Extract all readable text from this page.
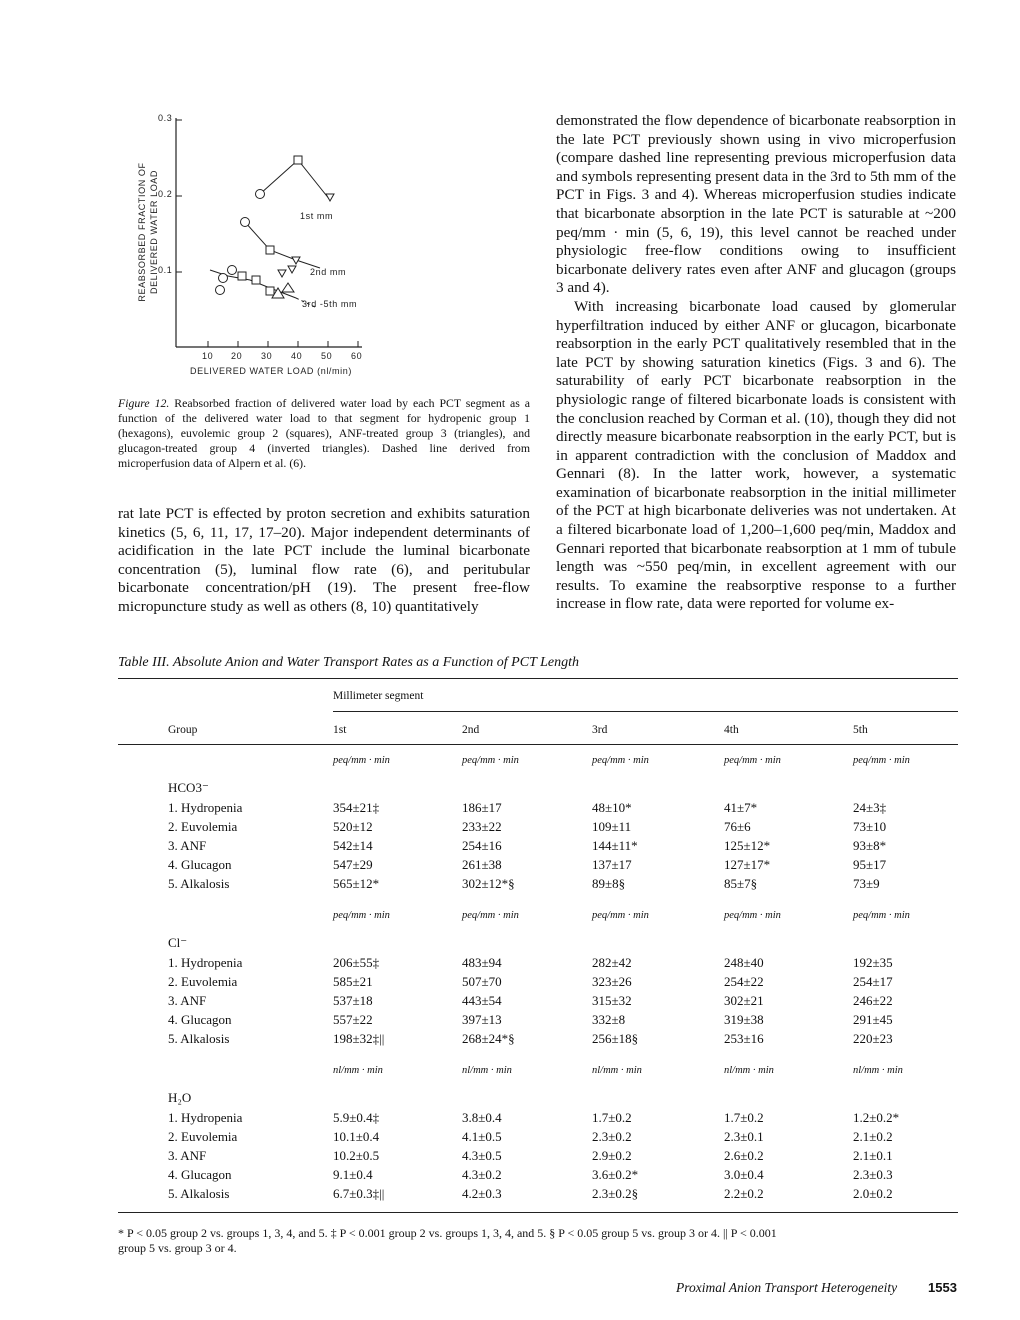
REABSORBED FRACTION OF DELIVERED WATER LOAD
0.3
0.2
0.1
10 20 30 40 50 60
DELIVERED WATER LOAD (nl/min)
1st mm
2nd mm
3rd -5th mm
Figure 12. Reabsorbed fraction of delivered water load by each PCT segment as a function of the delivered water load to that segment for hydropenic group 1 (hexagons), euvolemic group 2 (squares), ANF-treated group 3 (triangles), and glucagon-treated group 4 (inverted triangles). Dashed line derived from microperfusion data of Alpern et al. (6).

rat late PCT is effected by proton secretion and exhibits saturation kinetics (5, 6, 11, 17, 17–20). Major independent determinants of acidification in the late PCT include the luminal bicarbonate concentration (5), luminal flow rate (6), and peritubular bicarbonate concentration/pH (19). The present free-flow micropuncture study as well as others (8, 10) quantitatively

demonstrated the flow dependence of bicarbonate reabsorption in the late PCT previously shown using in vivo microperfusion (compare dashed line representing previous microperfusion data and symbols representing present data in the 3rd to 5th mm of the PCT in Figs. 3 and 4). Whereas microperfusion studies indicate that bicarbonate absorption in the late PCT is saturable at ~200 peq/mm · min (5, 6, 19), this level cannot be reached under physiologic free-flow conditions owing to insufficient bicarbonate delivery rates even after ANF and glucagon (groups 3 and 4).

With increasing bicarbonate load caused by glomerular hyperfiltration induced by either ANF or glucagon, bicarbonate reabsorption in the early PCT qualitatively resembled that in the late PCT by showing saturation kinetics (Figs. 3 and 6). The saturability of early PCT bicarbonate reabsorption in the physiologic range of filtered bicarbonate loads is consistent with the conclusion reached by Corman et al. (10), though they did not directly measure bicarbonate reabsorption in the early PCT, but is in apparent contradiction with the conclusion of Maddox and Gennari (8). In the latter work, however, a systematic examination of bicarbonate reabsorption in the initial millimeter of the PCT at high bicarbonate deliveries was not undertaken. At a filtered bicarbonate load of 1,200–1,600 peq/min, Maddox and Gennari reported that bicarbonate reabsorption at 1 mm of tubule length was ~550 peq/min, in excellent agreement with our results. To examine the reabsorptive response to a further increase in flow rate, data were reported for volume ex-

Table III. Absolute Anion and Water Transport Rates as a Function of PCT Length
Millimeter segment
Group	1st	2nd	3rd	4th	5th
peq/mm · min	peq/mm · min	peq/mm · min	peq/mm · min	peq/mm · min
HCO3⁻
1. Hydropenia	354±21‡	186±17	48±10*	41±7*	24±3‡
2. Euvolemia	520±12	233±22	109±11	76±6	73±10
3. ANF	542±14	254±16	144±11*	125±12*	93±8*
4. Glucagon	547±29	261±38	137±17	127±17*	95±17
5. Alkalosis	565±12*	302±12*§	89±8§	85±7§	73±9
peq/mm · min	peq/mm · min	peq/mm · min	peq/mm · min	peq/mm · min
Cl⁻
1. Hydropenia	206±55‡	483±94	282±42	248±40	192±35
2. Euvolemia	585±21	507±70	323±26	254±22	254±17
3. ANF	537±18	443±54	315±32	302±21	246±22
4. Glucagon	557±22	397±13	332±8	319±38	291±45
5. Alkalosis	198±32‡||	268±24*§	256±18§	253±16	220±23
nl/mm · min	nl/mm · min	nl/mm · min	nl/mm · min	nl/mm · min
H₂O
1. Hydropenia	5.9±0.4‡	3.8±0.4	1.7±0.2	1.7±0.2	1.2±0.2*
2. Euvolemia	10.1±0.4	4.1±0.5	2.3±0.2	2.3±0.1	2.1±0.2
3. ANF	10.2±0.5	4.3±0.5	2.9±0.2	2.6±0.2	2.1±0.1
4. Glucagon	9.1±0.4	4.3±0.2	3.6±0.2*	3.0±0.4	2.3±0.3
5. Alkalosis	6.7±0.3‡||	4.2±0.3	2.3±0.2§	2.2±0.2	2.0±0.2
* P < 0.05 group 2 vs. groups 1, 3, 4, and 5. ‡ P < 0.001 group 2 vs. groups 1, 3, 4, and 5. § P < 0.05 group 5 vs. group 3 or 4. || P < 0.001
group 5 vs. group 3 or 4.
Proximal Anion Transport Heterogeneity 1553
